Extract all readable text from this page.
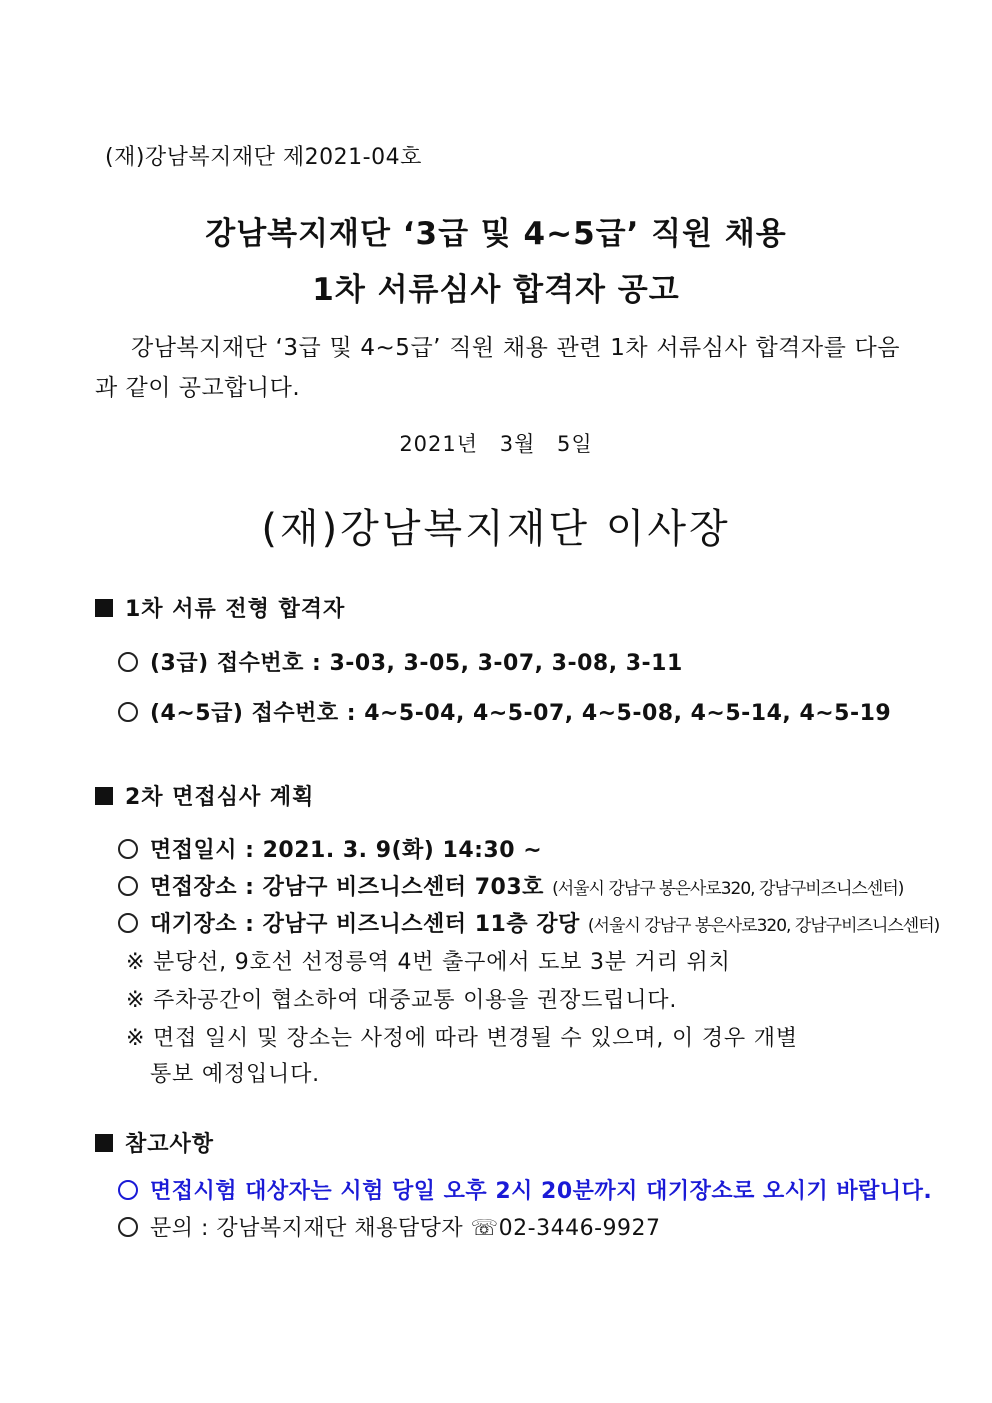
(재)강남복지재단 제2021-04호
강남복지재단 ‘3급 및 4~5급’ 직원 채용
1차 서류심사 합격자 공고
강남복지재단 ‘3급 및 4~5급’ 직원 채용 관련 1차 서류심사 합격자를 다음과 같이 공고합니다.
2021년 3월 5일
(재)강남복지재단 이사장
1차 서류 전형 합격자
(3급) 접수번호 : 3-03, 3-05, 3-07, 3-08, 3-11
(4~5급) 접수번호 : 4~5-04, 4~5-07, 4~5-08, 4~5-14, 4~5-19
2차 면접심사 계획
면접일시 : 2021. 3. 9(화) 14:30 ~
면접장소 : 강남구 비즈니스센터 703호 (서울시 강남구 봉은사로320, 강남구비즈니스센터)
대기장소 : 강남구 비즈니스센터 11층 강당 (서울시 강남구 봉은사로320, 강남구비즈니스센터)
※ 분당선, 9호선 선정릉역 4번 출구에서 도보 3분 거리 위치
※ 주차공간이 협소하여 대중교통 이용을 권장드립니다.
※ 면접 일시 및 장소는 사정에 따라 변경될 수 있으며, 이 경우 개별
통보 예정입니다.
참고사항
면접시험 대상자는 시험 당일 오후 2시 20분까지 대기장소로 오시기 바랍니다.
문의 : 강남복지재단 채용담당자 ☏02-3446-9927
